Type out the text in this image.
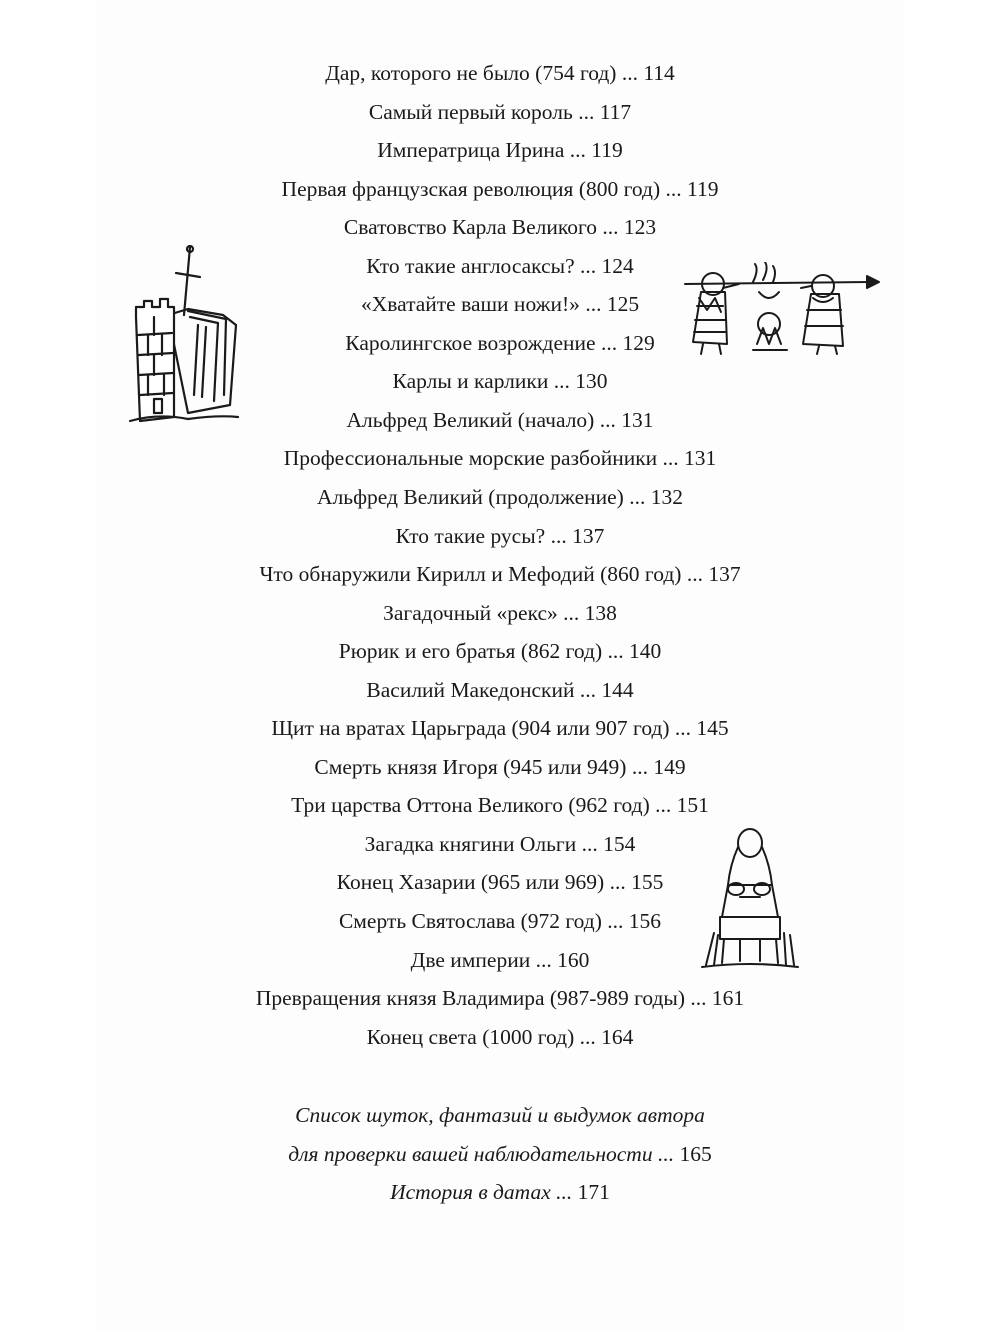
Дар, которого не было (754 год) ... 114
Самый первый король ... 117
Императрица Ирина ... 119
Первая французская революция (800 год) ... 119
Сватовство Карла Великого ... 123
Кто такие англосаксы? ... 124
«Хватайте ваши ножи!» ... 125
Каролингское возрождение ... 129
Карлы и карлики ... 130
Альфред Великий (начало) ... 131
Профессиональные морские разбойники ... 131
Альфред Великий (продолжение) ... 132
Кто такие русы? ... 137
Что обнаружили Кирилл и Мефодий (860 год) ... 137
Загадочный «рекс» ... 138
Рюрик и его братья (862 год) ... 140
Василий Македонский ... 144
Щит на вратах Царьграда (904 или 907 год) ... 145
Смерть князя Игоря (945 или 949) ... 149
Три царства Оттона Великого (962 год) ... 151
Загадка княгини Ольги ... 154
Конец Хазарии (965 или 969) ... 155
Смерть Святослава (972 год) ... 156
Две империи ... 160
Превращения князя Владимира (987-989 годы) ... 161
Конец света (1000 год) ... 164
Список шуток, фантазий и выдумок автора
для проверки вашей наблюдательности ... 165
История в датах ... 171
